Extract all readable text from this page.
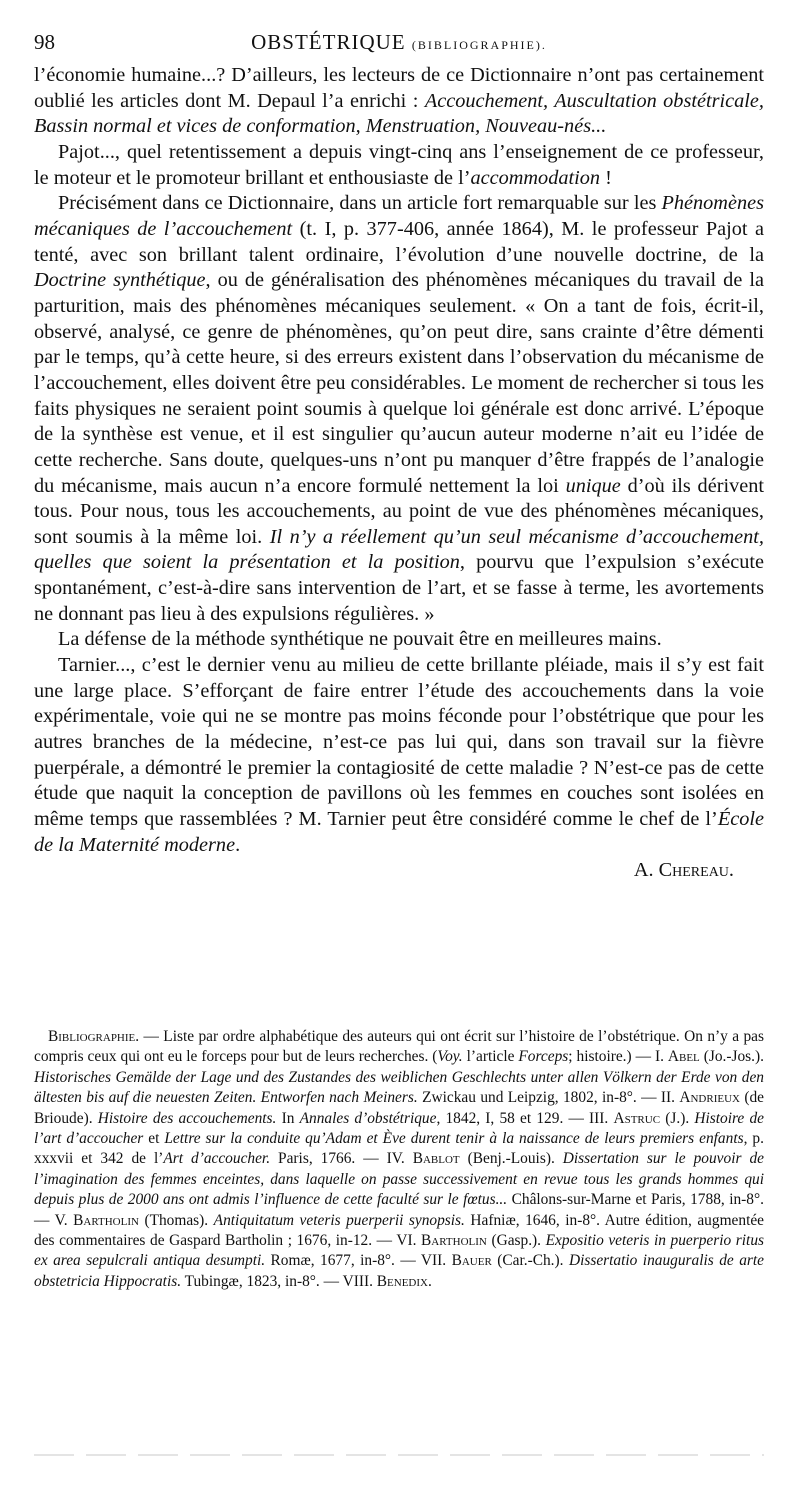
98	OBSTÉTRIQUE (BIBLIOGRAPHIE).

l’économie humaine...? D’ailleurs, les lecteurs de ce Dictionnaire n’ont pas certainement oublié les articles dont M. Depaul l’a enrichi : Accouchement, Auscultation obstétricale, Bassin normal et vices de conformation, Menstruation, Nouveau-nés...

Pajot..., quel retentissement a depuis vingt-cinq ans l’enseignement de ce professeur, le moteur et le promoteur brillant et enthousiaste de l’accommodation !

Précisément dans ce Dictionnaire, dans un article fort remarquable sur les Phénomènes mécaniques de l’accouchement (t. I, p. 377-406, année 1864), M. le professeur Pajot a tenté, avec son brillant talent ordinaire, l’évolution d’une nouvelle doctrine, de la Doctrine synthétique, ou de généralisation des phénomènes mécaniques du travail de la parturition, mais des phénomènes mécaniques seulement. « On a tant de fois, écrit-il, observé, analysé, ce genre de phénomènes, qu’on peut dire, sans crainte d’être démenti par le temps, qu’à cette heure, si des erreurs existent dans l’observation du mécanisme de l’accouchement, elles doivent être peu considérables. Le moment de rechercher si tous les faits physiques ne seraient point soumis à quelque loi générale est donc arrivé. L’époque de la synthèse est venue, et il est singulier qu’aucun auteur moderne n’ait eu l’idée de cette recherche. Sans doute, quelques-uns n’ont pu manquer d’être frappés de l’analogie du mécanisme, mais aucun n’a encore formulé nettement la loi unique d’où ils dérivent tous. Pour nous, tous les accouchements, au point de vue des phénomènes mécaniques, sont soumis à la même loi. Il n’y a réellement qu’un seul mécanisme d’accouchement, quelles que soient la présentation et la position, pourvu que l’expulsion s’exécute spontanément, c’est-à-dire sans intervention de l’art, et se fasse à terme, les avortements ne donnant pas lieu à des expulsions régulières. »

La défense de la méthode synthétique ne pouvait être en meilleures mains.

Tarnier..., c’est le dernier venu au milieu de cette brillante pléiade, mais il s’y est fait une large place. S’efforçant de faire entrer l’étude des accouchements dans la voie expérimentale, voie qui ne se montre pas moins féconde pour l’obstétrique que pour les autres branches de la médecine, n’est-ce pas lui qui, dans son travail sur la fièvre puerpérale, a démontré le premier la contagiosité de cette maladie ? N’est-ce pas de cette étude que naquit la conception de pavillons où les femmes en couches sont isolées en même temps que rassemblées ? M. Tarnier peut être considéré comme le chef de l’École de la Maternité moderne.

A. Chereau.

Bibliographie. — Liste par ordre alphabétique des auteurs qui ont écrit sur l’histoire de l’obstétrique. On n’y a pas compris ceux qui ont eu le forceps pour but de leurs recherches. (Voy. l’article Forceps; histoire.) — I. Abel (Jo.-Jos.). Historisches Gemälde der Lage und des Zustandes des weiblichen Geschlechts unter allen Völkern der Erde von den ältesten bis auf die neuesten Zeiten. Entworfen nach Meiners. Zwickau und Leipzig, 1802, in-8°. — II. Andrieux (de Brioude). Histoire des accouchements. In Annales d’obstétrique, 1842, I, 58 et 129. — III. Astruc (J.). Histoire de l’art d’accoucher et Lettre sur la conduite qu’Adam et Ève durent tenir à la naissance de leurs premiers enfants, p. xxxvii et 342 de l’Art d’accoucher. Paris, 1766. — IV. Bablot (Benj.-Louis). Dissertation sur le pouvoir de l’imagination des femmes enceintes, dans laquelle on passe successivement en revue tous les grands hommes qui depuis plus de 2000 ans ont admis l’influence de cette faculté sur le fœtus... Châlons-sur-Marne et Paris, 1788, in-8°. — V. Bartholin (Thomas). Antiquitatum veteris puerperii synopsis. Hafniæ, 1646, in-8°. Autre édition, augmentée des commentaires de Gaspard Bartholin ; 1676, in-12. — VI. Bartholin (Gasp.). Expositio veteris in puerperio ritus ex area sepulcrali antiqua desumpti. Romæ, 1677, in-8°. — VII. Bauer (Car.-Ch.). Dissertatio inauguralis de arte obstetricia Hippocratis. Tubingæ, 1823, in-8°. — VIII. Benedix.
